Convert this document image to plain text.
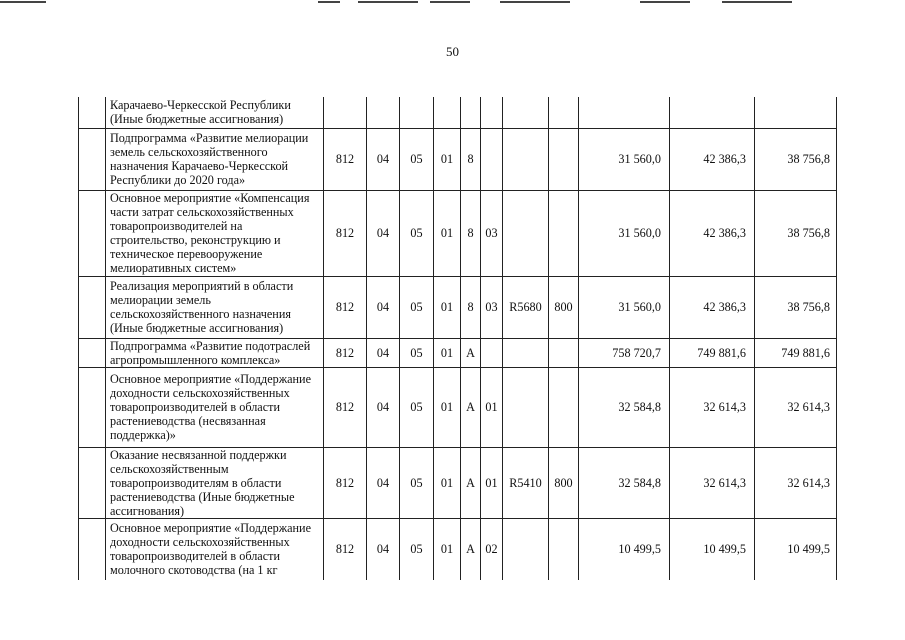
50
	Карачаево-Черкесской Республики (Иные бюджетные ассигнования)											
	Подпрограмма «Развитие мелиорации земель сельскохозяйственного назначения Карачаево-Черкесской Республики до 2020 года»	812	04	05	01	8				31 560,0	42 386,3	38 756,8
	Основное мероприятие «Компенсация части затрат сельскохозяйственных товаропроизводителей на строительство, реконструкцию и техническое перевооружение мелиоративных систем»	812	04	05	01	8	03			31 560,0	42 386,3	38 756,8
	Реализация мероприятий в области мелиорации земель сельскохозяйственного назначения (Иные бюджетные ассигнования)	812	04	05	01	8	03	R5680	800	31 560,0	42 386,3	38 756,8
	Подпрограмма «Развитие подотраслей агропромышленного комплекса»	812	04	05	01	А				758 720,7	749 881,6	749 881,6
	Основное мероприятие «Поддержание доходности сельскохозяйственных товаропроизводителей в области растениеводства (несвязанная поддержка)»	812	04	05	01	А	01			32 584,8	32 614,3	32 614,3
	Оказание несвязанной поддержки сельскохозяйственным товаропроизводителям в области растениеводства (Иные бюджетные ассигнования)	812	04	05	01	А	01	R5410	800	32 584,8	32 614,3	32 614,3
	Основное мероприятие «Поддержание доходности сельскохозяйственных товаропроизводителей в области молочного скотоводства (на 1 кг	812	04	05	01	А	02			10 499,5	10 499,5	10 499,5
